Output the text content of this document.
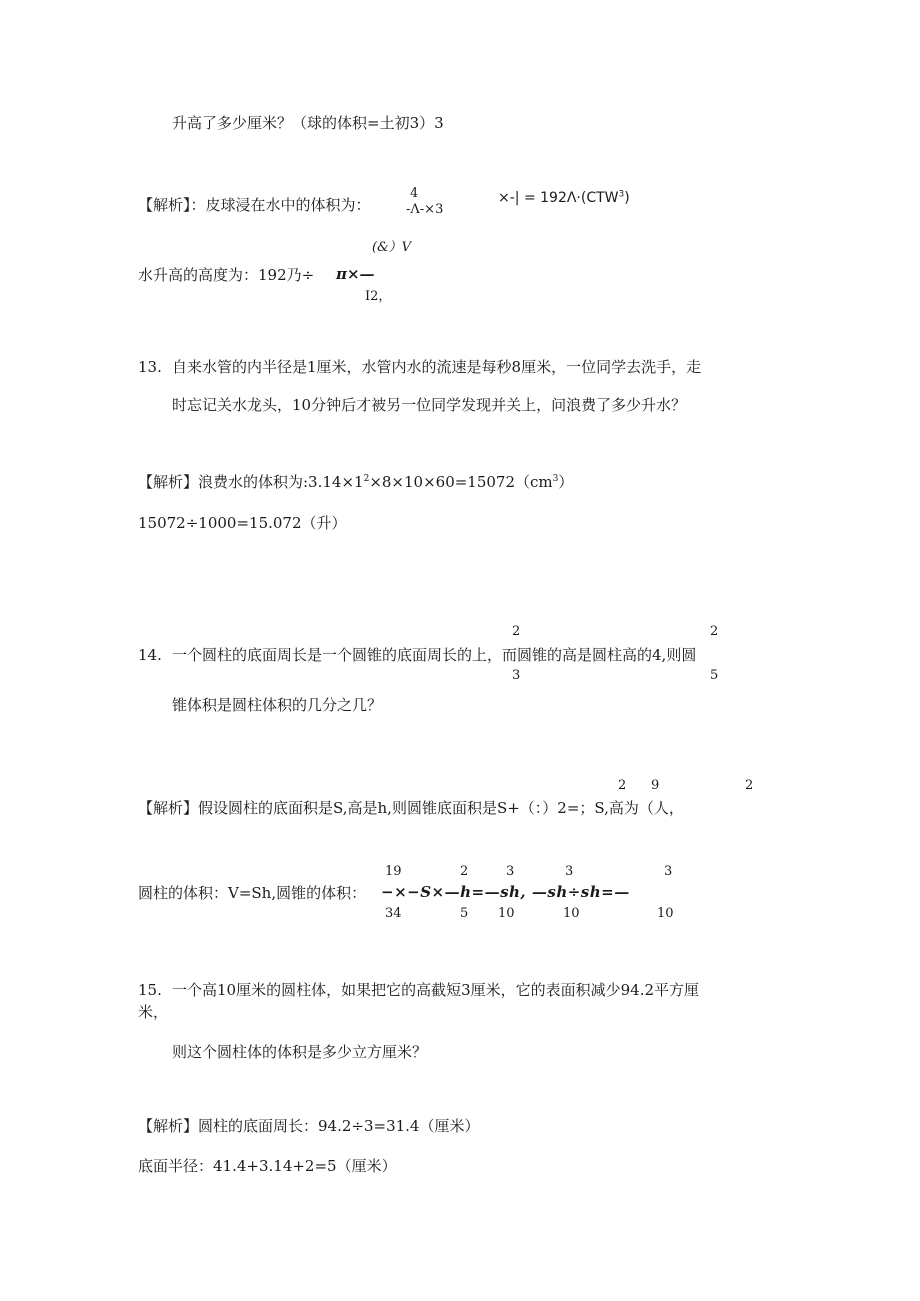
升高了多少厘米？（球的体积=土初3）3
【解析】：皮球浸在水中的体积为：
4
-Λ-×3
×-| = $192\Lambda\cdot(CTW^3)$
(&）V
水升高的高度为：192乃÷ π×—
I2，
13. 自来水管的内半径是1厘米，水管内水的流速是每秒8厘米，一位同学去洗手，走
时忘记关水龙头，10分钟后才被另一位同学发现并关上，问浪费了多少升水？
【解析】浪费水的体积为$:3.14\times 1^2\times 8\times 10\times 60=15072(cm^3)$
15072÷1000=15.072（升）
2	2
14. 一个圆柱的底面周长是一个圆锥的底面周长的上，而圆锥的高是圆柱高的4,则圆
3	5
锥体积是圆柱体积的几分之几？
2 9	2
【解析】假设圆柱的底面积是S,高是h,则圆锥底面积是S+（：）2=；S,高为（人，
19	2	3	3	3
圆柱的体积：V=Sh,圆锥的体积： −×−S×—h=—sh, —sh÷sh=—
34	5 10	10	10
15. 一个高10厘米的圆柱体，如果把它的高截短3厘米，它的表面积减少94.2平方厘
米，
则这个圆柱体的体积是多少立方厘米？
【解析】圆柱的底面周长：94.2÷3=31.4（厘米）
底面半径：41.4+3.14+2=5（厘米）
